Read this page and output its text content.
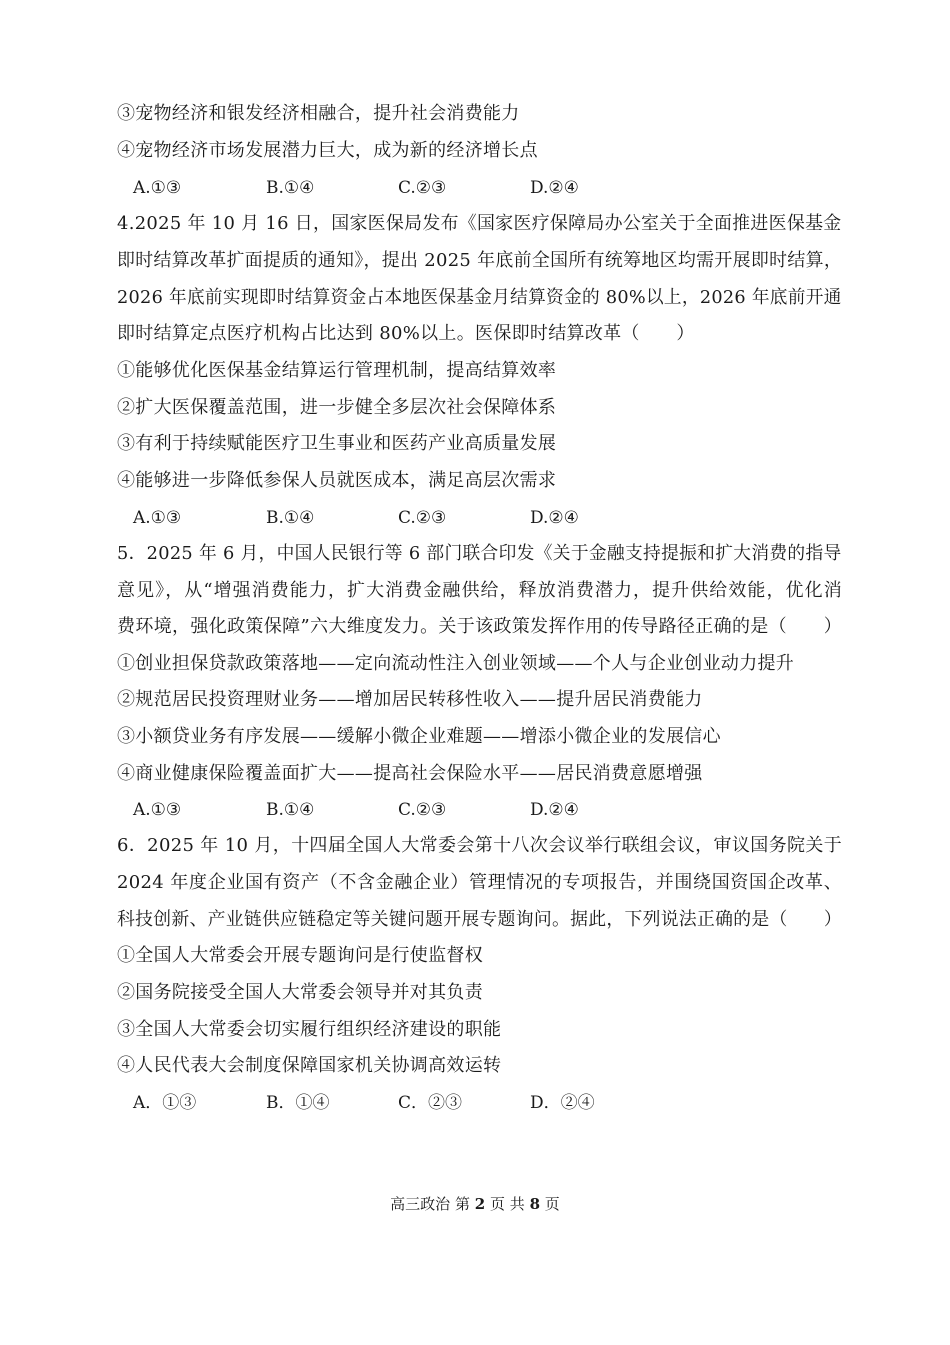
③宠物经济和银发经济相融合，提升社会消费能力
④宠物经济市场发展潜力巨大，成为新的经济增长点
A.①③	B.①④	C.②③	D.②④
4.2025 年 10 月 16 日，国家医保局发布《国家医疗保障局办公室关于全面推进医保基金
即时结算改革扩面提质的通知》，提出 2025 年底前全国所有统筹地区均需开展即时结算，
2026 年底前实现即时结算资金占本地医保基金月结算资金的 80%以上，2026 年底前开通
即时结算定点医疗机构占比达到 80%以上。医保即时结算改革（　　）
①能够优化医保基金结算运行管理机制，提高结算效率
②扩大医保覆盖范围，进一步健全多层次社会保障体系
③有利于持续赋能医疗卫生事业和医药产业高质量发展
④能够进一步降低参保人员就医成本，满足高层次需求
A.①③	B.①④	C.②③	D.②④
5．2025 年 6 月，中国人民银行等 6 部门联合印发《关于金融支持提振和扩大消费的指导
意见》，从“增强消费能力，扩大消费金融供给，释放消费潜力，提升供给效能，优化消
费环境，强化政策保障”六大维度发力。关于该政策发挥作用的传导路径正确的是（　　）
①创业担保贷款政策落地——定向流动性注入创业领域——个人与企业创业动力提升
②规范居民投资理财业务——增加居民转移性收入——提升居民消费能力
③小额贷业务有序发展——缓解小微企业难题——增添小微企业的发展信心
④商业健康保险覆盖面扩大——提高社会保险水平——居民消费意愿增强
A.①③	B.①④	C.②③	D.②④
6．2025 年 10 月，十四届全国人大常委会第十八次会议举行联组会议，审议国务院关于
2024 年度企业国有资产（不含金融企业）管理情况的专项报告，并围绕国资国企改革、
科技创新、产业链供应链稳定等关键问题开展专题询问。据此，下列说法正确的是（　　）
①全国人大常委会开展专题询问是行使监督权
②国务院接受全国人大常委会领导并对其负责
③全国人大常委会切实履行组织经济建设的职能
④人民代表大会制度保障国家机关协调高效运转
A．①③	B．①④	C．②③	D．②④
高三政治 第 2 页 共 8 页
